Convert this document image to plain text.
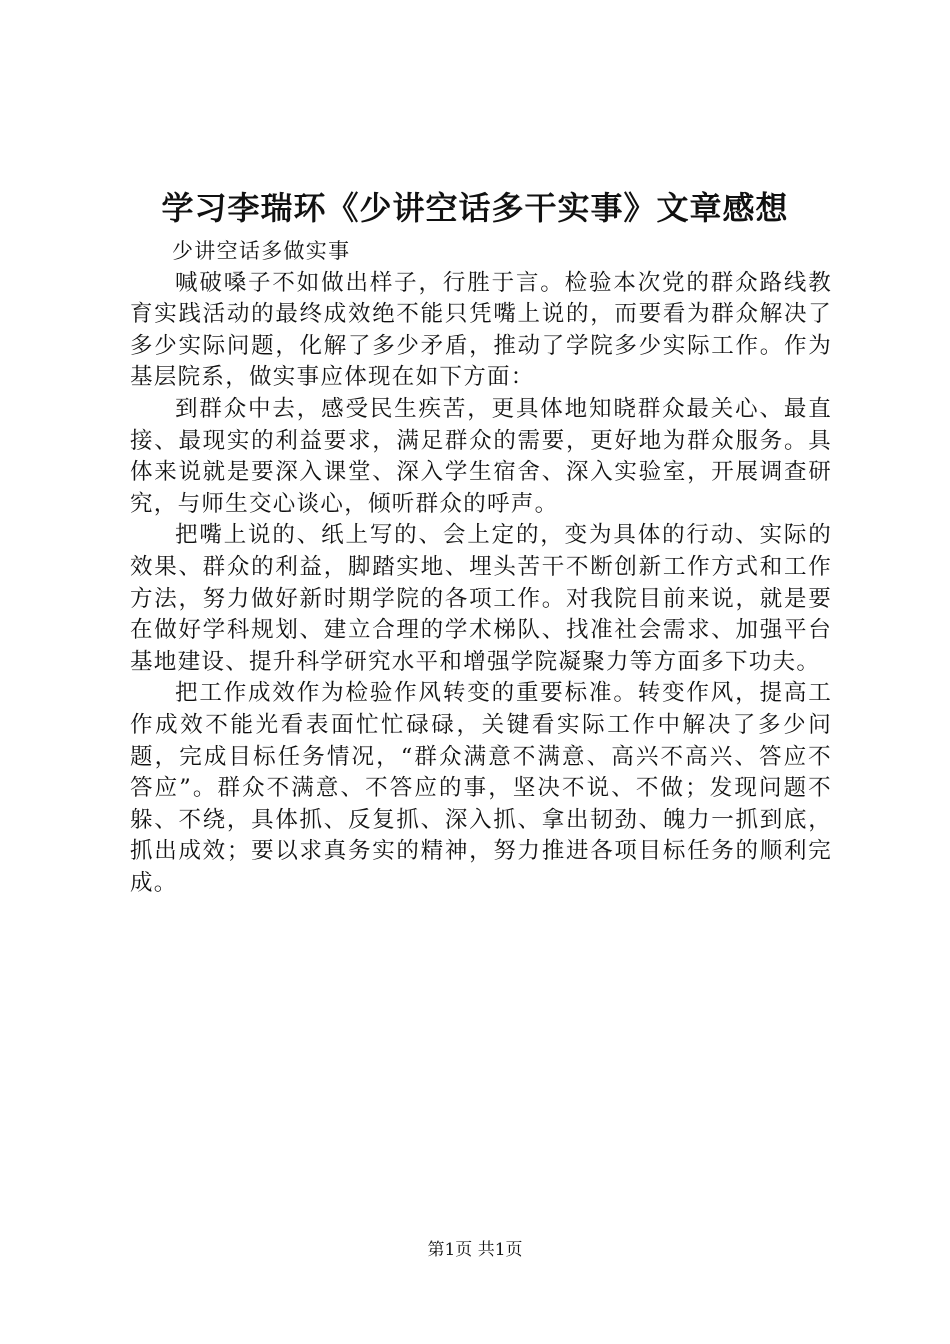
学习李瑞环《少讲空话多干实事》文章感想

少讲空话多做实事

喊破嗓子不如做出样子，行胜于言。检验本次党的群众路线教育实践活动的最终成效绝不能只凭嘴上说的，而要看为群众解决了多少实际问题，化解了多少矛盾，推动了学院多少实际工作。作为基层院系，做实事应体现在如下方面：

到群众中去，感受民生疾苦，更具体地知晓群众最关心、最直接、最现实的利益要求，满足群众的需要，更好地为群众服务。具体来说就是要深入课堂、深入学生宿舍、深入实验室，开展调查研究，与师生交心谈心，倾听群众的呼声。

把嘴上说的、纸上写的、会上定的，变为具体的行动、实际的效果、群众的利益，脚踏实地、埋头苦干不断创新工作方式和工作方法，努力做好新时期学院的各项工作。对我院目前来说，就是要在做好学科规划、建立合理的学术梯队、找准社会需求、加强平台基地建设、提升科学研究水平和增强学院凝聚力等方面多下功夫。

把工作成效作为检验作风转变的重要标准。转变作风，提高工作成效不能光看表面忙忙碌碌，关键看实际工作中解决了多少问题，完成目标任务情况，“群众满意不满意、高兴不高兴、答应不答应”。群众不满意、不答应的事，坚决不说、不做；发现问题不躲、不绕，具体抓、反复抓、深入抓、拿出韧劲、魄力一抓到底，抓出成效；要以求真务实的精神，努力推进各项目标任务的顺利完成。

第1页 共1页
